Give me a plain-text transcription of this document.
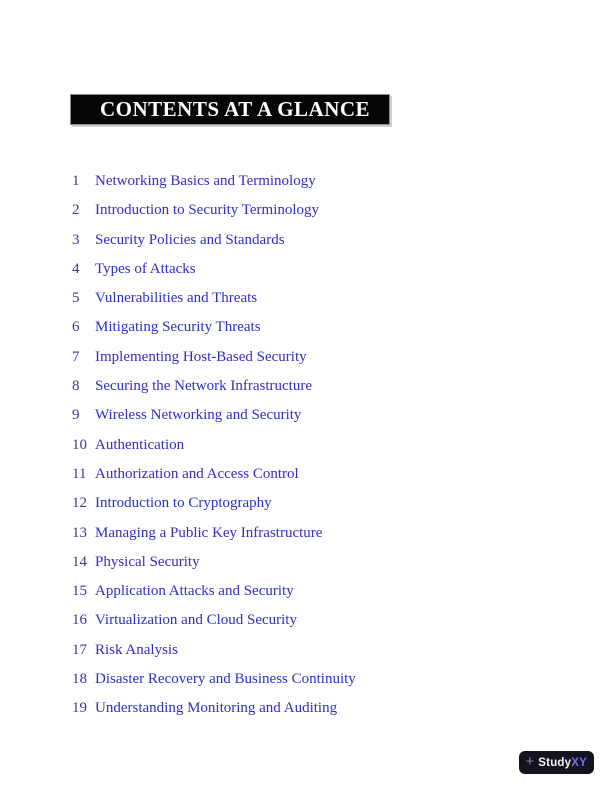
CONTENTS AT A GLANCE
1	Networking Basics and Terminology
2	Introduction to Security Terminology
3	Security Policies and Standards
4	Types of Attacks
5	Vulnerabilities and Threats
6	Mitigating Security Threats
7	Implementing Host-Based Security
8	Securing the Network Infrastructure
9	Wireless Networking and Security
10 Authentication
11 Authorization and Access Control
12 Introduction to Cryptography
13 Managing a Public Key Infrastructure
14 Physical Security
15 Application Attacks and Security
16 Virtualization and Cloud Security
17 Risk Analysis
18 Disaster Recovery and Business Continuity
19 Understanding Monitoring and Auditing
+ Study XY
